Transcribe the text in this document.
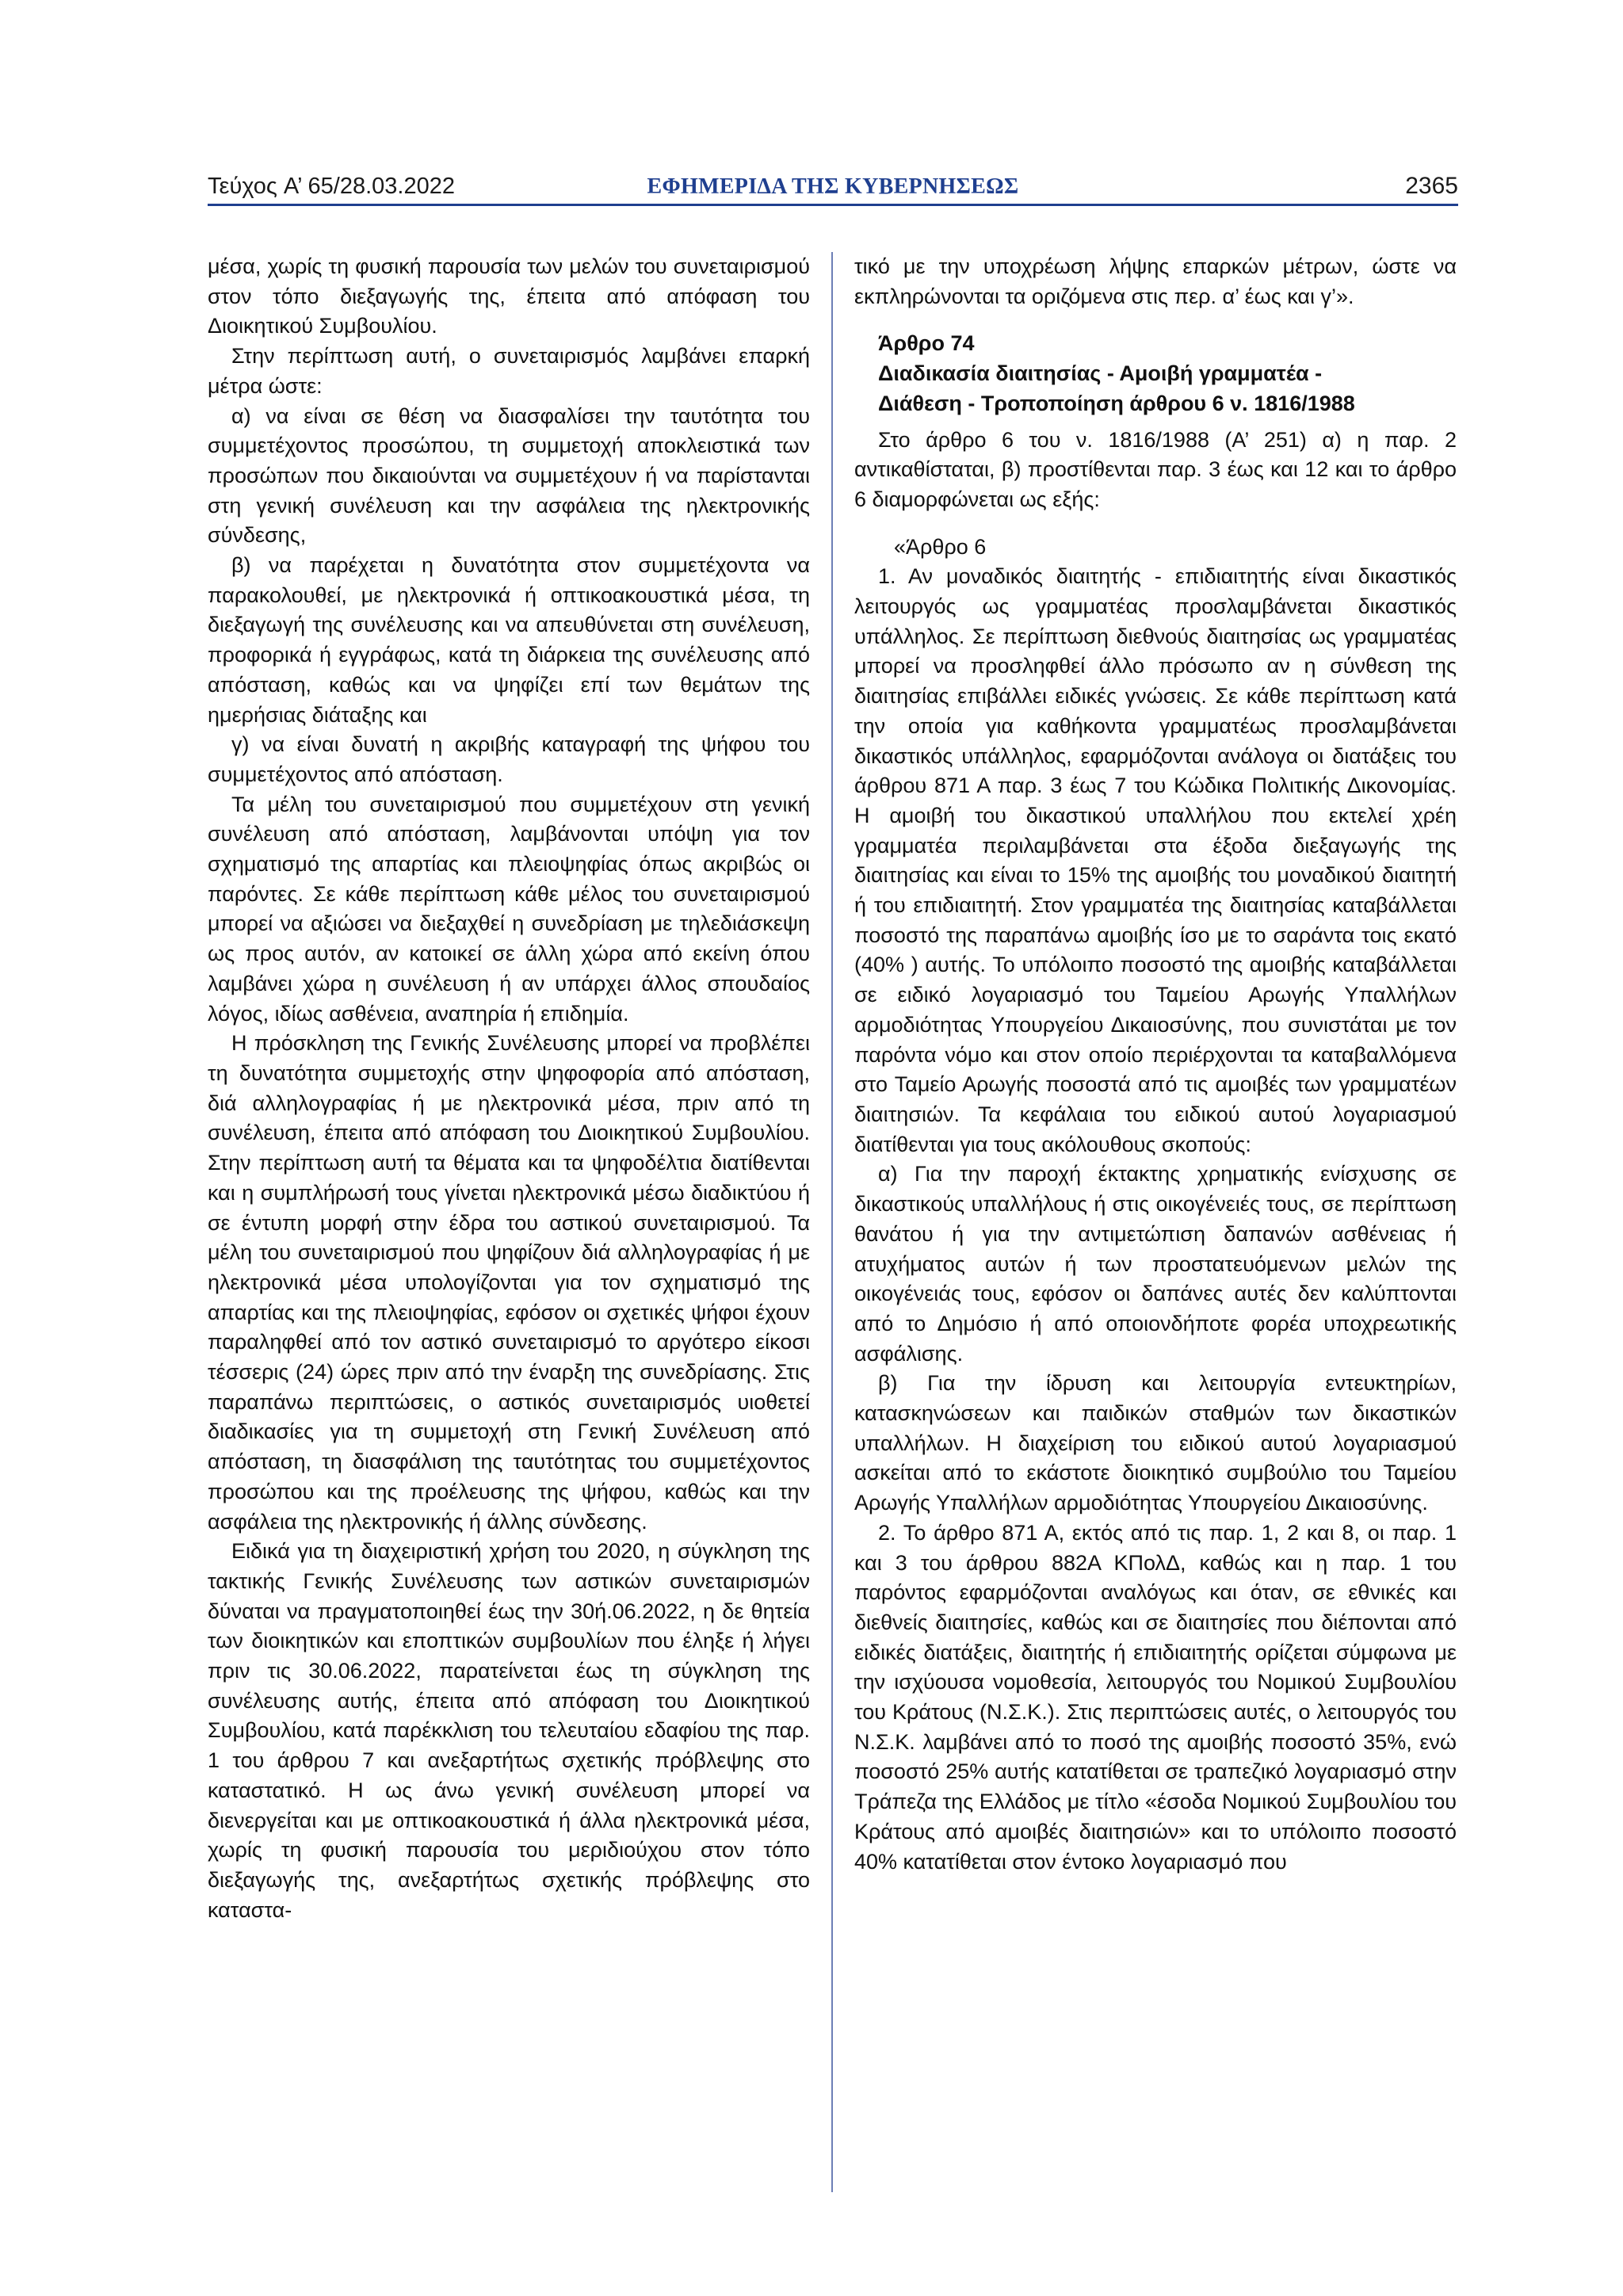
Τεύχος A’ 65/28.03.2022	ΕΦΗΜΕΡΙΔΑ ΤΗΣ ΚΥΒΕΡΝΗΣΕΩΣ	2365

μέσα, χωρίς τη φυσική παρουσία των μελών του συνεταιρισμού στον τόπο διεξαγωγής της, έπειτα από απόφαση του Διοικητικού Συμβουλίου.

Στην περίπτωση αυτή, ο συνεταιρισμός λαμβάνει επαρκή μέτρα ώστε:

α) να είναι σε θέση να διασφαλίσει την ταυτότητα του συμμετέχοντος προσώπου, τη συμμετοχή αποκλειστικά των προσώπων που δικαιούνται να συμμετέχουν ή να παρίστανται στη γενική συνέλευση και την ασφάλεια της ηλεκτρονικής σύνδεσης,

β) να παρέχεται η δυνατότητα στον συμμετέχοντα να παρακολουθεί, με ηλεκτρονικά ή οπτικοακουστικά μέσα, τη διεξαγωγή της συνέλευσης και να απευθύνεται στη συνέλευση, προφορικά ή εγγράφως, κατά τη διάρκεια της συνέλευσης από απόσταση, καθώς και να ψηφίζει επί των θεμάτων της ημερήσιας διάταξης και

γ) να είναι δυνατή η ακριβής καταγραφή της ψήφου του συμμετέχοντος από απόσταση.

Τα μέλη του συνεταιρισμού που συμμετέχουν στη γενική συνέλευση από απόσταση, λαμβάνονται υπόψη για τον σχηματισμό της απαρτίας και πλειοψηφίας όπως ακριβώς οι παρόντες. Σε κάθε περίπτωση κάθε μέλος του συνεταιρισμού μπορεί να αξιώσει να διεξαχθεί η συνεδρίαση με τηλεδιάσκεψη ως προς αυτόν, αν κατοικεί σε άλλη χώρα από εκείνη όπου λαμβάνει χώρα η συνέλευση ή αν υπάρχει άλλος σπουδαίος λόγος, ιδίως ασθένεια, αναπηρία ή επιδημία.

Η πρόσκληση της Γενικής Συνέλευσης μπορεί να προβλέπει τη δυνατότητα συμμετοχής στην ψηφοφορία από απόσταση, διά αλληλογραφίας ή με ηλεκτρονικά μέσα, πριν από τη συνέλευση, έπειτα από απόφαση του Διοικητικού Συμβουλίου. Στην περίπτωση αυτή τα θέματα και τα ψηφοδέλτια διατίθενται και η συμπλήρωσή τους γίνεται ηλεκτρονικά μέσω διαδικτύου ή σε έντυπη μορφή στην έδρα του αστικού συνεταιρισμού. Τα μέλη του συνεταιρισμού που ψηφίζουν διά αλληλογραφίας ή με ηλεκτρονικά μέσα υπολογίζονται για τον σχηματισμό της απαρτίας και της πλειοψηφίας, εφόσον οι σχετικές ψήφοι έχουν παραληφθεί από τον αστικό συνεταιρισμό το αργότερο είκοσι τέσσερις (24) ώρες πριν από την έναρξη της συνεδρίασης. Στις παραπάνω περιπτώσεις, ο αστικός συνεταιρισμός υιοθετεί διαδικασίες για τη συμμετοχή στη Γενική Συνέλευση από απόσταση, τη διασφάλιση της ταυτότητας του συμμετέχοντος προσώπου και της προέλευσης της ψήφου, καθώς και την ασφάλεια της ηλεκτρονικής ή άλλης σύνδεσης.

Ειδικά για τη διαχειριστική χρήση του 2020, η σύγκληση της τακτικής Γενικής Συνέλευσης των αστικών συνεταιρισμών δύναται να πραγματοποιηθεί έως την 30ή.06.2022, η δε θητεία των διοικητικών και εποπτικών συμβουλίων που έληξε ή λήγει πριν τις 30.06.2022, παρατείνεται έως τη σύγκληση της συνέλευσης αυτής, έπειτα από απόφαση του Διοικητικού Συμβουλίου, κατά παρέκκλιση του τελευταίου εδαφίου της παρ. 1 του άρθρου 7 και ανεξαρτήτως σχετικής πρόβλεψης στο καταστατικό. Η ως άνω γενική συνέλευση μπορεί να διενεργείται και με οπτικοακουστικά ή άλλα ηλεκτρονικά μέσα, χωρίς τη φυσική παρουσία του μεριδιούχου στον τόπο διεξαγωγής της, ανεξαρτήτως σχετικής πρόβλεψης στο καταστα-

τικό με την υποχρέωση λήψης επαρκών μέτρων, ώστε να εκπληρώνονται τα οριζόμενα στις περ. α’ έως και γ’».

Άρθρο 74
Διαδικασία διαιτησίας - Αμοιβή γραμματέα -
Διάθεση - Τροποποίηση άρθρου 6 ν. 1816/1988

Στο άρθρο 6 του ν. 1816/1988 (Α’ 251) α) η παρ. 2 αντικαθίσταται, β) προστίθενται παρ. 3 έως και 12 και το άρθρο 6 διαμορφώνεται ως εξής:

«Άρθρο 6

1. Αν μοναδικός διαιτητής - επιδιαιτητής είναι δικαστικός λειτουργός ως γραμματέας προσλαμβάνεται δικαστικός υπάλληλος. Σε περίπτωση διεθνούς διαιτησίας ως γραμματέας μπορεί να προσληφθεί άλλο πρόσωπο αν η σύνθεση της διαιτησίας επιβάλλει ειδικές γνώσεις. Σε κάθε περίπτωση κατά την οποία για καθήκοντα γραμματέως προσλαμβάνεται δικαστικός υπάλληλος, εφαρμόζονται ανάλογα οι διατάξεις του άρθρου 871 Α παρ. 3 έως 7 του Κώδικα Πολιτικής Δικονομίας. Η αμοιβή του δικαστικού υπαλλήλου που εκτελεί χρέη γραμματέα περιλαμβάνεται στα έξοδα διεξαγωγής της διαιτησίας και είναι το 15% της αμοιβής του μοναδικού διαιτητή ή του επιδιαιτητή. Στον γραμματέα της διαιτησίας καταβάλλεται ποσοστό της παραπάνω αμοιβής ίσο με το σαράντα τοις εκατό (40% ) αυτής. Το υπόλοιπο ποσοστό της αμοιβής καταβάλλεται σε ειδικό λογαριασμό του Ταμείου Αρωγής Υπαλλήλων αρμοδιότητας Υπουργείου Δικαιοσύνης, που συνιστάται με τον παρόντα νόμο και στον οποίο περιέρχονται τα καταβαλλόμενα στο Ταμείο Αρωγής ποσοστά από τις αμοιβές των γραμματέων διαιτησιών. Τα κεφάλαια του ειδικού αυτού λογαριασμού διατίθενται για τους ακόλουθους σκοπούς:

α) Για την παροχή έκτακτης χρηματικής ενίσχυσης σε δικαστικούς υπαλλήλους ή στις οικογένειές τους, σε περίπτωση θανάτου ή για την αντιμετώπιση δαπανών ασθένειας ή ατυχήματος αυτών ή των προστατευόμενων μελών της οικογένειάς τους, εφόσον οι δαπάνες αυτές δεν καλύπτονται από το Δημόσιο ή από οποιονδήποτε φορέα υποχρεωτικής ασφάλισης.

β) Για την ίδρυση και λειτουργία εντευκτηρίων, κατασκηνώσεων και παιδικών σταθμών των δικαστικών υπαλλήλων. Η διαχείριση του ειδικού αυτού λογαριασμού ασκείται από το εκάστοτε διοικητικό συμβούλιο του Ταμείου Αρωγής Υπαλλήλων αρμοδιότητας Υπουργείου Δικαιοσύνης.

2. Το άρθρο 871 Α, εκτός από τις παρ. 1, 2 και 8, οι παρ. 1 και 3 του άρθρου 882Α ΚΠολΔ, καθώς και η παρ. 1 του παρόντος εφαρμόζονται αναλόγως και όταν, σε εθνικές και διεθνείς διαιτησίες, καθώς και σε διαιτησίες που διέπονται από ειδικές διατάξεις, διαιτητής ή επιδιαιτητής ορίζεται σύμφωνα με την ισχύουσα νομοθεσία, λειτουργός του Νομικού Συμβουλίου του Κράτους (Ν.Σ.Κ.). Στις περιπτώσεις αυτές, ο λειτουργός του Ν.Σ.Κ. λαμβάνει από το ποσό της αμοιβής ποσοστό 35%, ενώ ποσοστό 25% αυτής κατατίθεται σε τραπεζικό λογαριασμό στην Τράπεζα της Ελλάδος με τίτλο «έσοδα Νομικού Συμβουλίου του Κράτους από αμοιβές διαιτησιών» και το υπόλοιπο ποσοστό 40% κατατίθεται στον έντοκο λογαριασμό που
